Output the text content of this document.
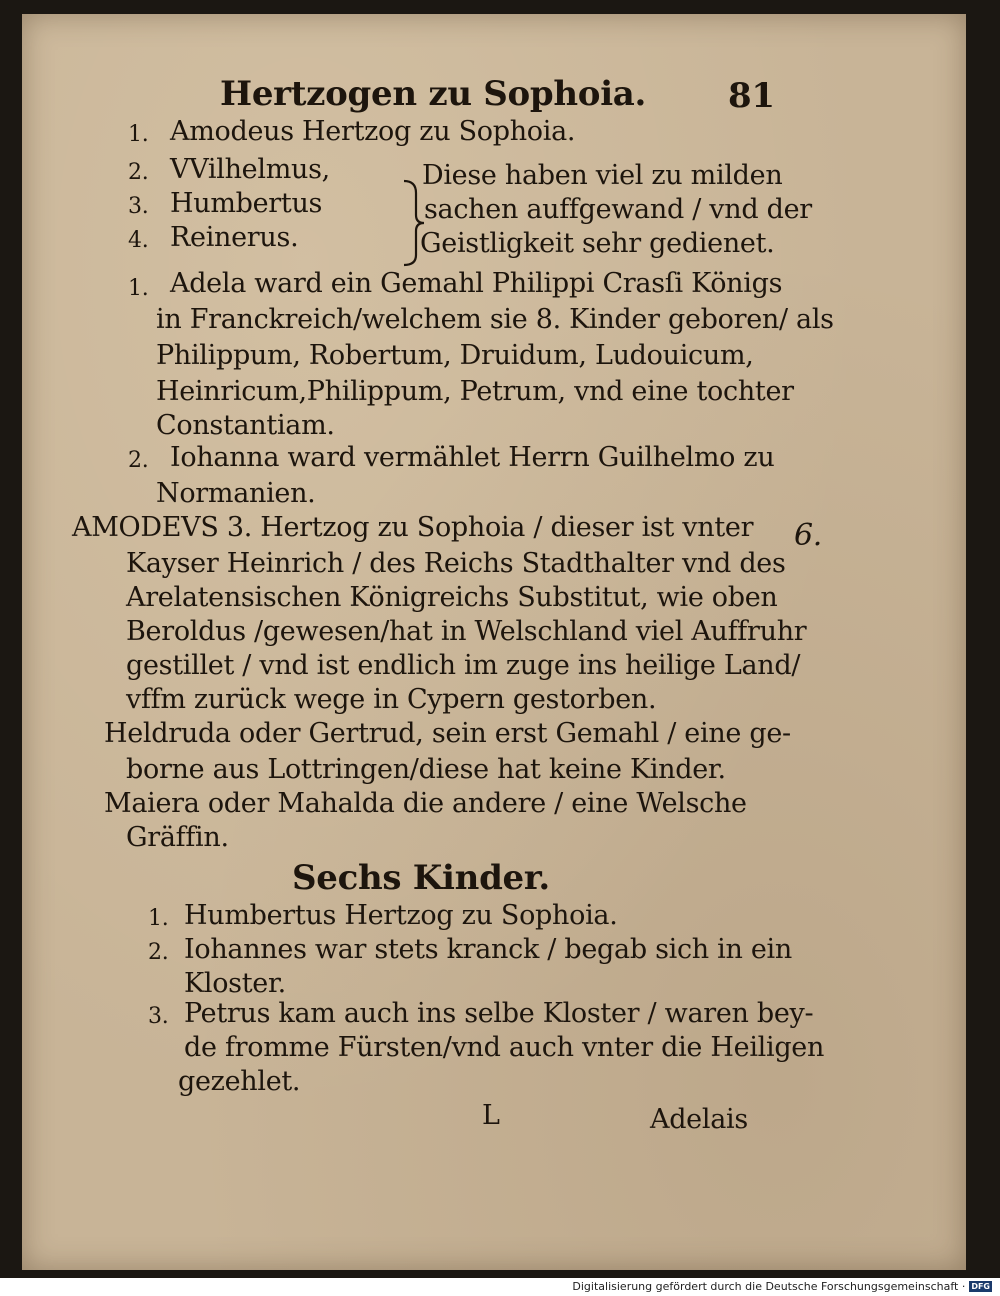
Hertzogen zu Sophoia. 81
1. Amodeus Hertzog zu Sophoia.
2. VVilhelmus,
3. Humbertus
4. Reinerus.
Diese haben viel zu milden
sachen auffgewand / vnd der
Geistligkeit sehr gedienet.
1. Adela ward ein Gemahl Philippi Crasſi Königs
in Franckreich/welchem sie 8. Kinder geboren/ als
Philippum, Robertum, Druidum, Ludouicum,
Heinricum,Philippum, Petrum, vnd eine tochter
Constantiam.
2. Iohanna ward vermählet Herrn Guilhelmo zu
Normanien.
AMODEVS 3. Hertzog zu Sophoia / dieser ist vnter 6.
Kayser Heinrich / des Reichs Stadthalter vnd des
Arelatensischen Königreichs Substitut, wie oben
Beroldus /gewesen/hat in Welschland viel Auffruhr
gestillet / vnd ist endlich im zuge ins heilige Land/
vffm zurück wege in Cypern gestorben.
Heldruda oder Gertrud, sein erst Gemahl / eine ge-
borne aus Lottringen/diese hat keine Kinder.
Maiera oder Mahalda die andere / eine Welsche
Gräffin.
Sechs Kinder.
1. Humbertus Hertzog zu Sophoia.
2. Iohannes war stets kranck / begab sich in ein
Kloster.
3. Petrus kam auch ins selbe Kloster / waren bey-
de fromme Fürsten/vnd auch vnter die Heiligen
gezehlet.
L	Adelais
Digitalisierung gefördert durch die Deutsche Forschungsgemeinschaft · DFG
